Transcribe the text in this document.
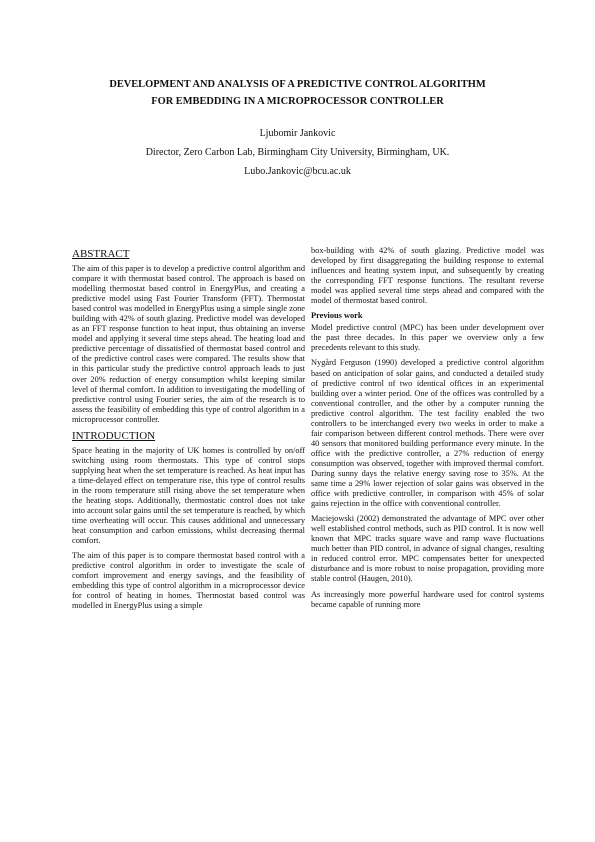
DEVELOPMENT AND ANALYSIS OF A PREDICTIVE CONTROL ALGORITHM
FOR EMBEDDING IN A MICROPROCESSOR CONTROLLER
Ljubomir Jankovic
Director, Zero Carbon Lab, Birmingham City University, Birmingham, UK.
Lubo.Jankovic@bcu.ac.uk
ABSTRACT

The aim of this paper is to develop a predictive control algorithm and compare it with thermostat based control. The approach is based on modelling thermostat based control in EnergyPlus, and creating a predictive model using Fast Fourier Transform (FFT). Thermostat based control was modelled in EnergyPlus using a simple single zone building with 42% of south glazing. Predictive model was developed as an FFT response function to heat input, thus obtaining an inverse model and applying it several time steps ahead. The heating load and predictive percentage of dissatisfied of thermostat based control and of the predictive control cases were compared. The results show that in this particular study the predictive control approach leads to just over 20% reduction of energy consumption whilst keeping similar level of thermal comfort. In addition to investigating the modelling of predictive control using Fourier series, the aim of the research is to assess the feasibility of embedding this type of control algorithm in a microprocessor controller.

INTRODUCTION

Space heating in the majority of UK homes is controlled by on/off switching using room thermostats. This type of control stops supplying heat when the set temperature is reached. As heat input has a time-delayed effect on temperature rise, this type of control results in the room temperature still rising above the set temperature when the heating stops. Additionally, thermostatic control does not take into account solar gains until the set temperature is reached, by which time overheating will occur. This causes additional and unnecessary heat consumption and carbon emissions, whilst decreasing thermal comfort.

The aim of this paper is to compare thermostat based control with a predictive control algorithm in order to investigate the scale of comfort improvement and energy savings, and the feasibility of embedding this type of control algorithm in a microprocessor device for control of heating in homes. Thermostat based control was modelled in EnergyPlus using a simple

box-building with 42% of south glazing. Predictive model was developed by first disaggregating the building response to external influences and heating system input, and subsequently by creating the corresponding FFT response functions. The resultant reverse model was applied several time steps ahead and compared with the model of thermostat based control.

Previous work

Model predictive control (MPC) has been under development over the past three decades. In this paper we overview only a few precedents relevant to this study.

Nygård Ferguson (1990) developed a predictive control algorithm based on anticipation of solar gains, and conducted a detailed study of predictive control of two identical offices in an experimental building over a winter period. One of the offices was controlled by a conventional controller, and the other by a computer running the predictive control algorithm. The test facility enabled the two controllers to be interchanged every two weeks in order to make a fair comparison between different control methods. There were over 40 sensors that monitored building performance every minute. In the office with the predictive controller, a 27% reduction of energy consumption was observed, together with improved thermal comfort. During sunny days the relative energy saving rose to 35%. At the same time a 29% lower rejection of solar gains was observed in the office with predictive controller, in comparison with 45% of solar gains rejection in the office with conventional controller.

Maciejowski (2002) demonstrated the advantage of MPC over other well established control methods, such as PID control. It is now well known that MPC tracks square wave and ramp wave fluctuations much better than PID control, in advance of signal changes, resulting in reduced control error. MPC compensates better for unexpected disturbance and is more robust to noise propagation, providing more stable control (Haugen, 2010).

As increasingly more powerful hardware used for control systems became capable of running more
